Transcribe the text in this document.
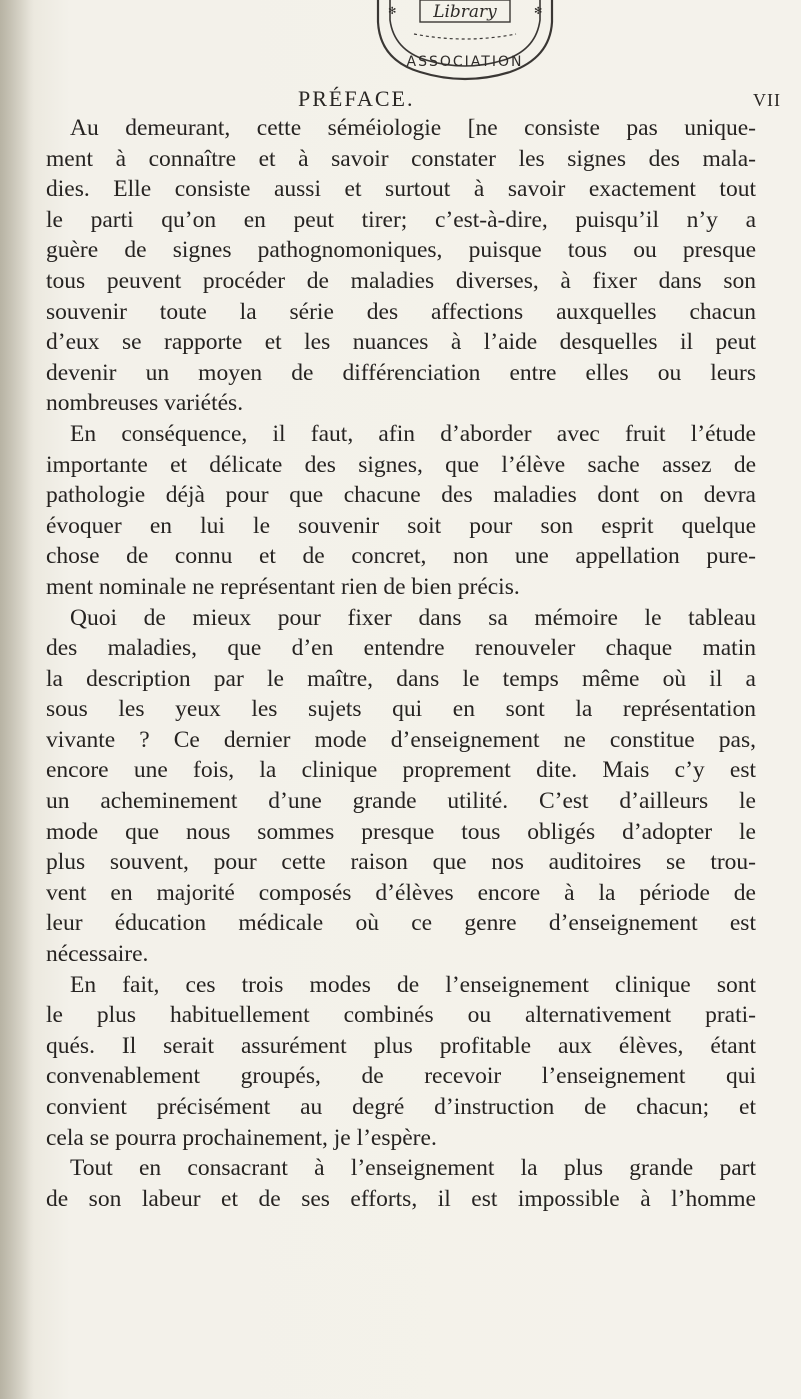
Library
ASSOCIATION
✻	✻
PRÉFACE.	VII
Au demeurant, cette séméiologie [ne consiste pas unique-
ment à connaître et à savoir constater les signes des mala-
dies. Elle consiste aussi et surtout à savoir exactement tout
le parti qu’on en peut tirer; c’est-à-dire, puisqu’il n’y a
guère de signes pathognomoniques, puisque tous ou presque
tous peuvent procéder de maladies diverses, à fixer dans son
souvenir toute la série des affections auxquelles chacun
d’eux se rapporte et les nuances à l’aide desquelles il peut
devenir un moyen de différenciation entre elles ou leurs
nombreuses variétés.
En conséquence, il faut, afin d’aborder avec fruit l’étude
importante et délicate des signes, que l’élève sache assez de
pathologie déjà pour que chacune des maladies dont on devra
évoquer en lui le souvenir soit pour son esprit quelque
chose de connu et de concret, non une appellation pure-
ment nominale ne représentant rien de bien précis.
Quoi de mieux pour fixer dans sa mémoire le tableau
des maladies, que d’en entendre renouveler chaque matin
la description par le maître, dans le temps même où il a
sous les yeux les sujets qui en sont la représentation
vivante ? Ce dernier mode d’enseignement ne constitue pas,
encore une fois, la clinique proprement dite. Mais c’y est
un acheminement d’une grande utilité. C’est d’ailleurs le
mode que nous sommes presque tous obligés d’adopter le
plus souvent, pour cette raison que nos auditoires se trou-
vent en majorité composés d’élèves encore à la période de
leur éducation médicale où ce genre d’enseignement est
nécessaire.
En fait, ces trois modes de l’enseignement clinique sont
le plus habituellement combinés ou alternativement prati-
qués. Il serait assurément plus profitable aux élèves, étant
convenablement groupés, de recevoir l’enseignement qui
convient précisément au degré d’instruction de chacun; et
cela se pourra prochainement, je l’espère.
Tout en consacrant à l’enseignement la plus grande part
de son labeur et de ses efforts, il est impossible à l’homme
